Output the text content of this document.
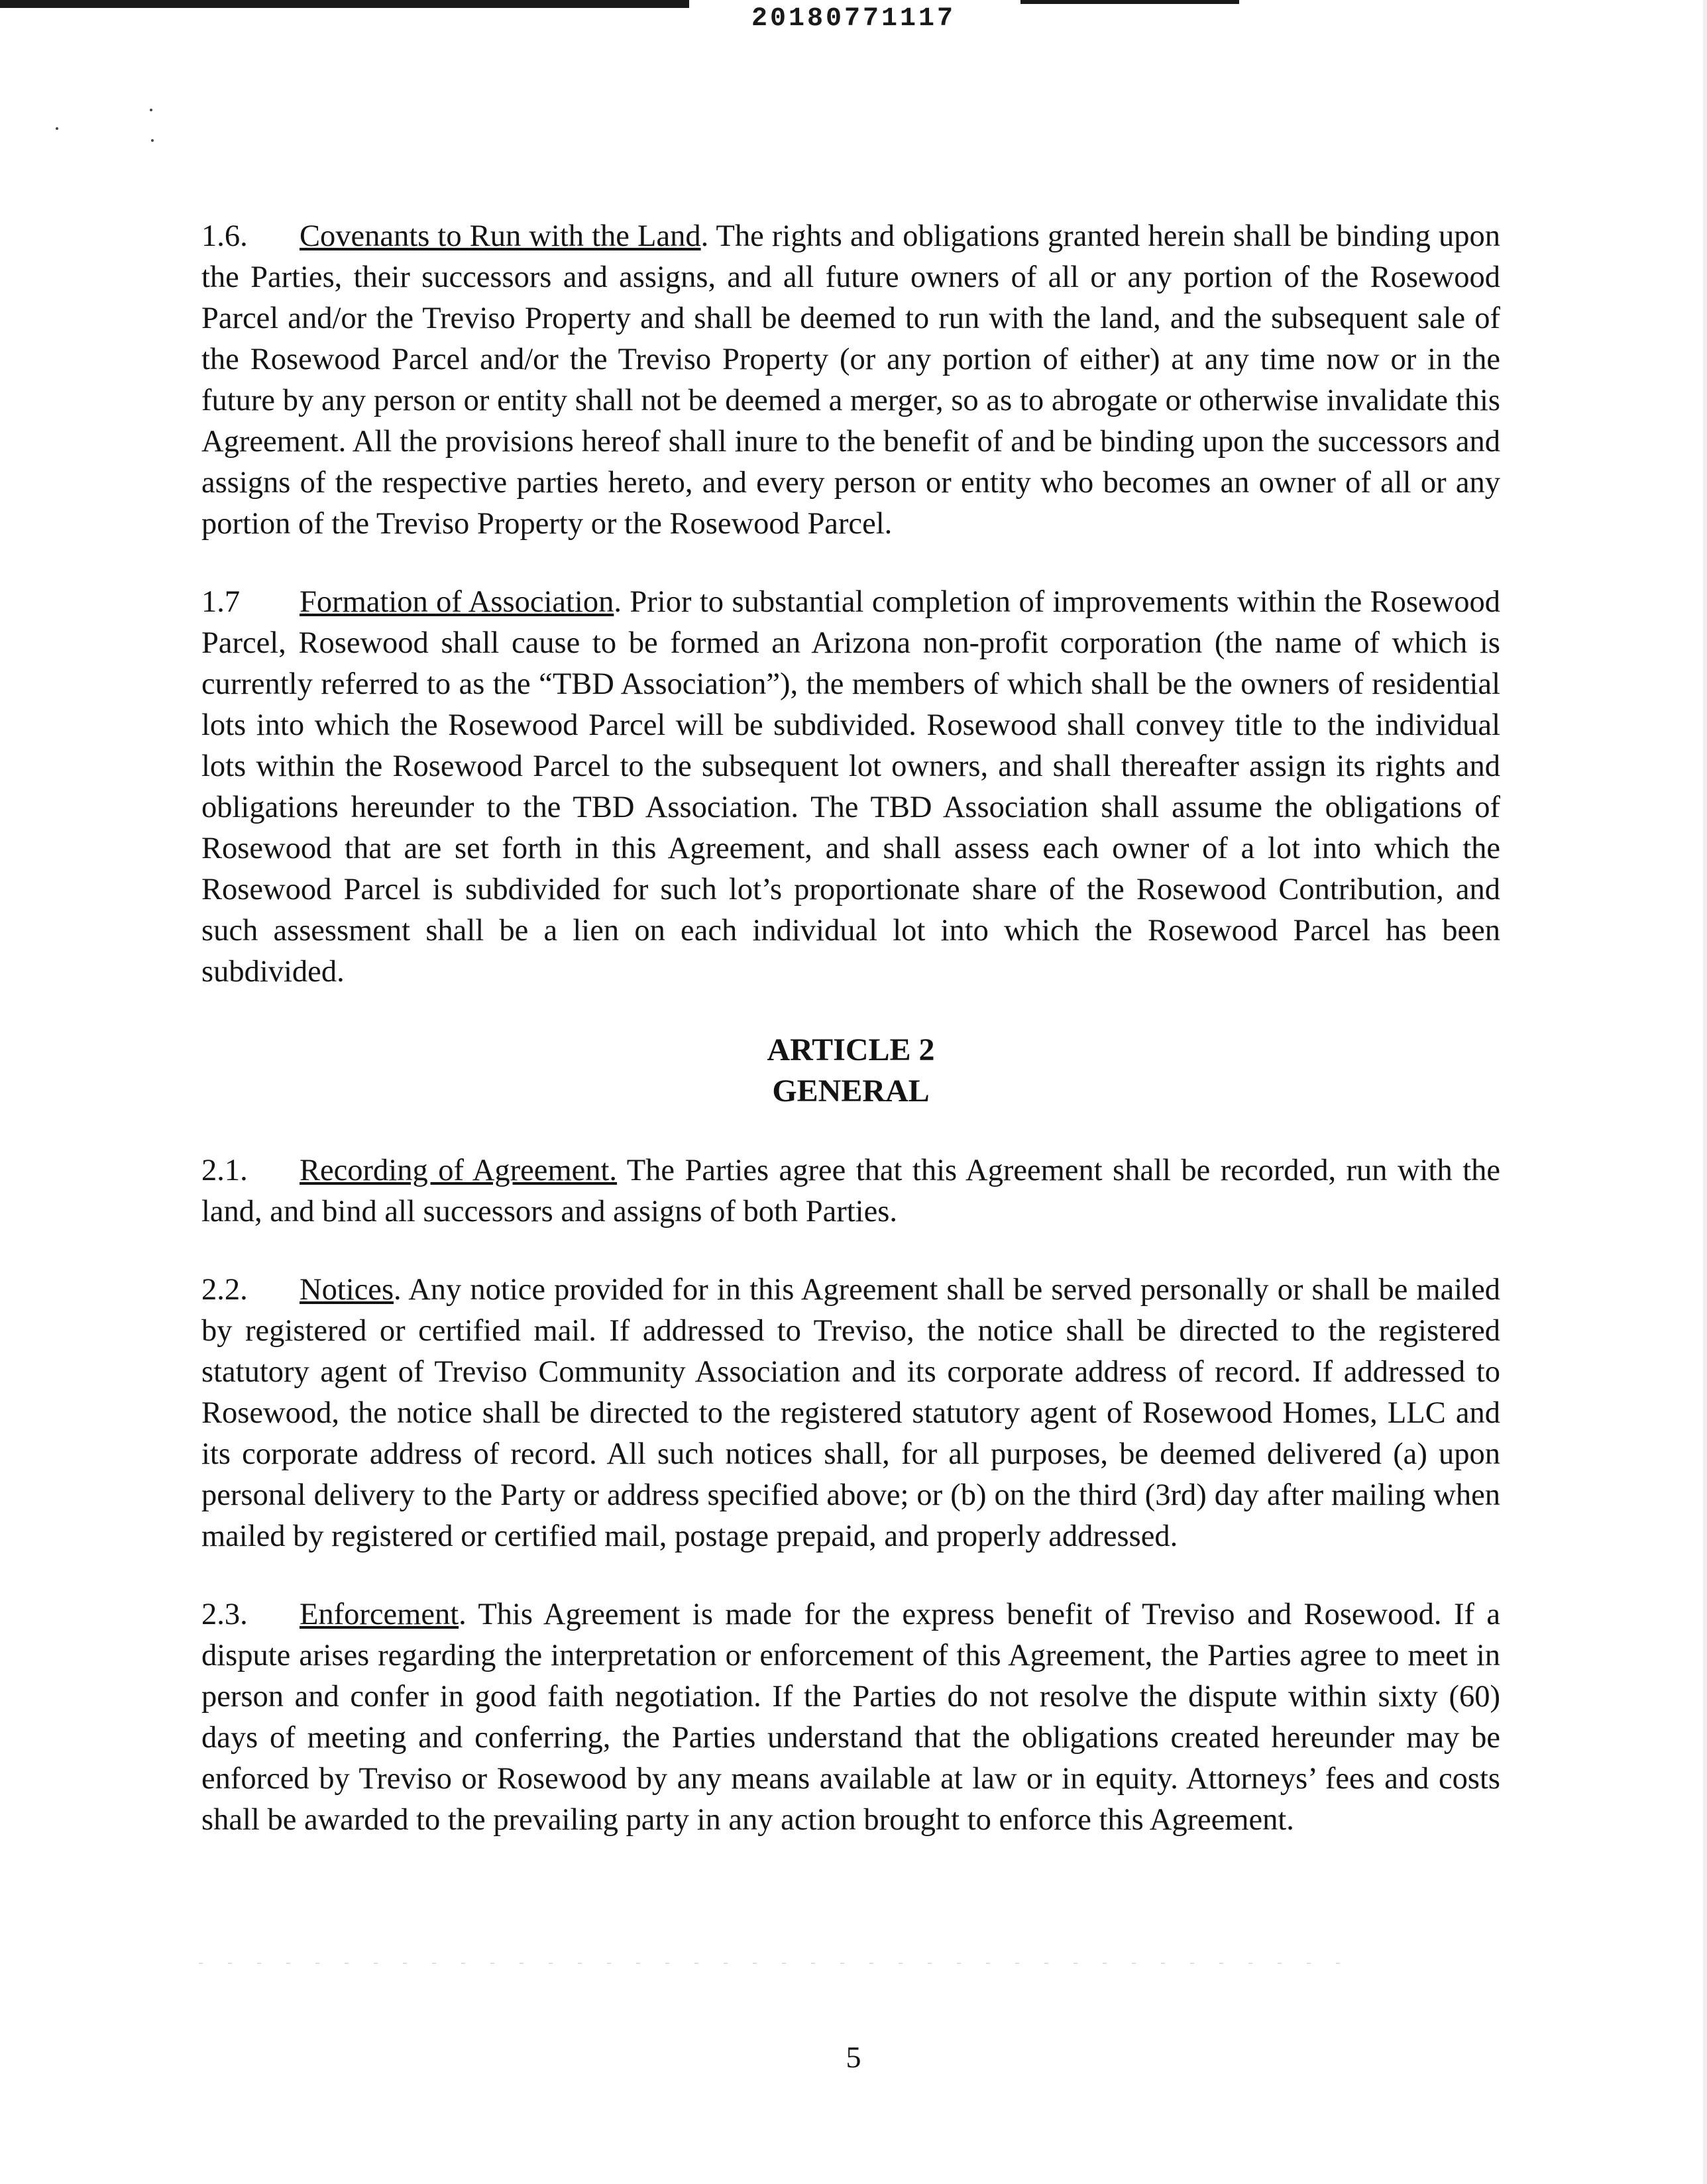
20180771117

1.6. Covenants to Run with the Land. The rights and obligations granted herein shall be binding upon the Parties, their successors and assigns, and all future owners of all or any portion of the Rosewood Parcel and/or the Treviso Property and shall be deemed to run with the land, and the subsequent sale of the Rosewood Parcel and/or the Treviso Property (or any portion of either) at any time now or in the future by any person or entity shall not be deemed a merger, so as to abrogate or otherwise invalidate this Agreement. All the provisions hereof shall inure to the benefit of and be binding upon the successors and assigns of the respective parties hereto, and every person or entity who becomes an owner of all or any portion of the Treviso Property or the Rosewood Parcel.

1.7 Formation of Association. Prior to substantial completion of improvements within the Rosewood Parcel, Rosewood shall cause to be formed an Arizona non-profit corporation (the name of which is currently referred to as the “TBD Association”), the members of which shall be the owners of residential lots into which the Rosewood Parcel will be subdivided. Rosewood shall convey title to the individual lots within the Rosewood Parcel to the subsequent lot owners, and shall thereafter assign its rights and obligations hereunder to the TBD Association. The TBD Association shall assume the obligations of Rosewood that are set forth in this Agreement, and shall assess each owner of a lot into which the Rosewood Parcel is subdivided for such lot’s proportionate share of the Rosewood Contribution, and such assessment shall be a lien on each individual lot into which the Rosewood Parcel has been subdivided.

ARTICLE 2
GENERAL

2.1. Recording of Agreement. The Parties agree that this Agreement shall be recorded, run with the land, and bind all successors and assigns of both Parties.

2.2. Notices. Any notice provided for in this Agreement shall be served personally or shall be mailed by registered or certified mail. If addressed to Treviso, the notice shall be directed to the registered statutory agent of Treviso Community Association and its corporate address of record. If addressed to Rosewood, the notice shall be directed to the registered statutory agent of Rosewood Homes, LLC and its corporate address of record. All such notices shall, for all purposes, be deemed delivered (a) upon personal delivery to the Party or address specified above; or (b) on the third (3rd) day after mailing when mailed by registered or certified mail, postage prepaid, and properly addressed.

2.3. Enforcement. This Agreement is made for the express benefit of Treviso and Rosewood. If a dispute arises regarding the interpretation or enforcement of this Agreement, the Parties agree to meet in person and confer in good faith negotiation. If the Parties do not resolve the dispute within sixty (60) days of meeting and conferring, the Parties understand that the obligations created hereunder may be enforced by Treviso or Rosewood by any means available at law or in equity. Attorneys’ fees and costs shall be awarded to the prevailing party in any action brought to enforce this Agreement.

5
